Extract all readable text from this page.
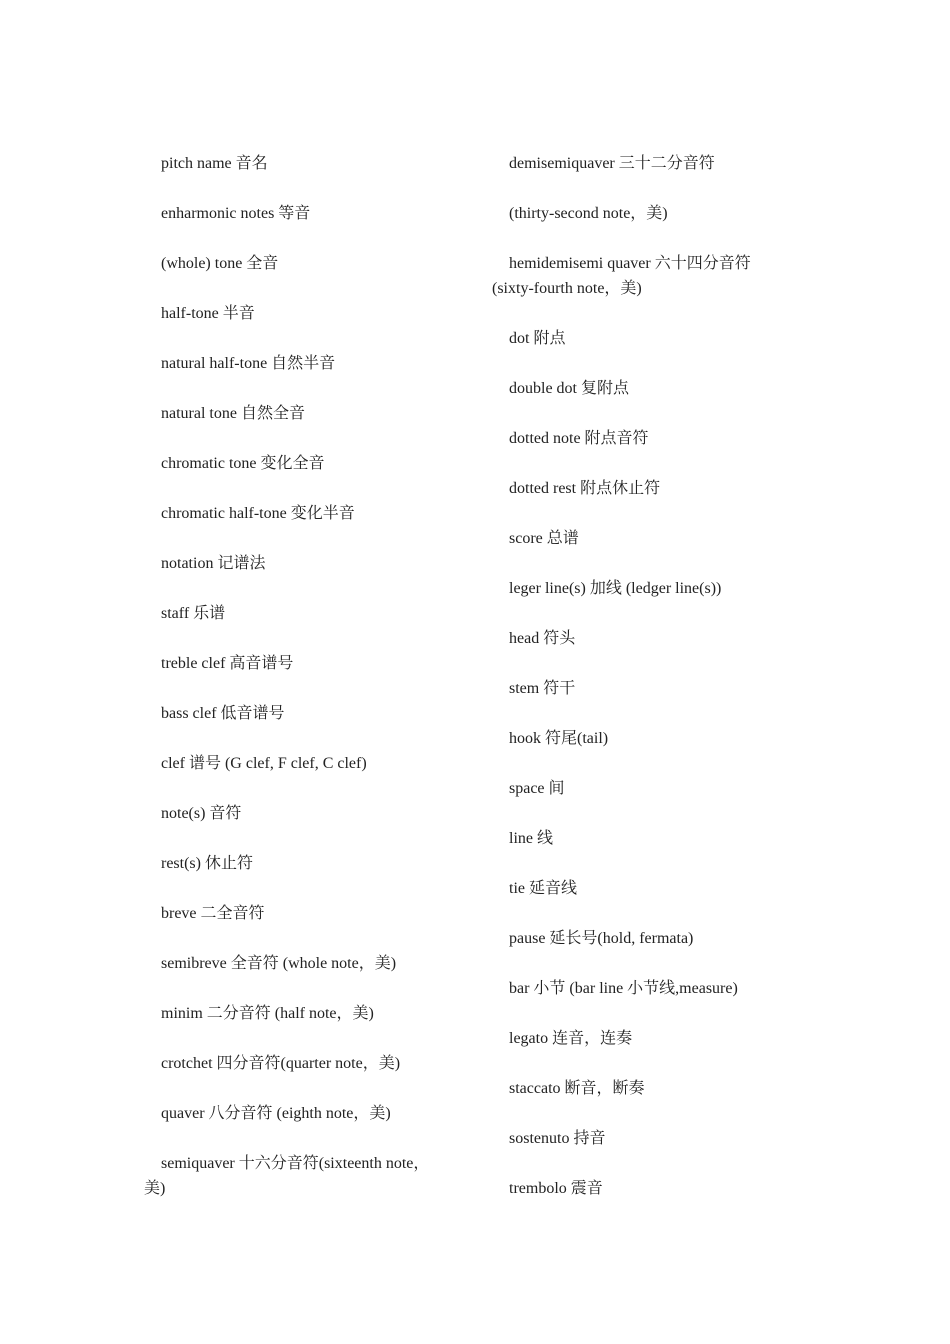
pitch name 音名
enharmonic notes 等音
(whole) tone 全音
half-tone 半音
natural half-tone 自然半音
natural tone 自然全音
chromatic tone 变化全音
chromatic half-tone 变化半音
notation 记谱法
staff 乐谱
treble clef 高音谱号
bass clef 低音谱号
clef 谱号 (G clef, F clef, C clef)
note(s) 音符
rest(s) 休止符
breve 二全音符
semibreve 全音符 (whole note，美)
minim 二分音符 (half note，美)
crotchet 四分音符(quarter note，美)
quaver 八分音符 (eighth note，美)
semiquaver 十六分音符(sixteenth note，美)
demisemiquaver 三十二分音符
(thirty-second note，美)
hemidemisemi quaver 六十四分音符 (sixty-fourth note，美)
dot 附点
double dot 复附点
dotted note 附点音符
dotted rest 附点休止符
score 总谱
leger line(s) 加线 (ledger line(s))
head 符头
stem 符干
hook 符尾(tail)
space 间
line 线
tie 延音线
pause 延长号(hold, fermata)
bar 小节 (bar line 小节线,measure)
legato 连音，连奏
staccato 断音，断奏
sostenuto 持音
trembolo 震音
